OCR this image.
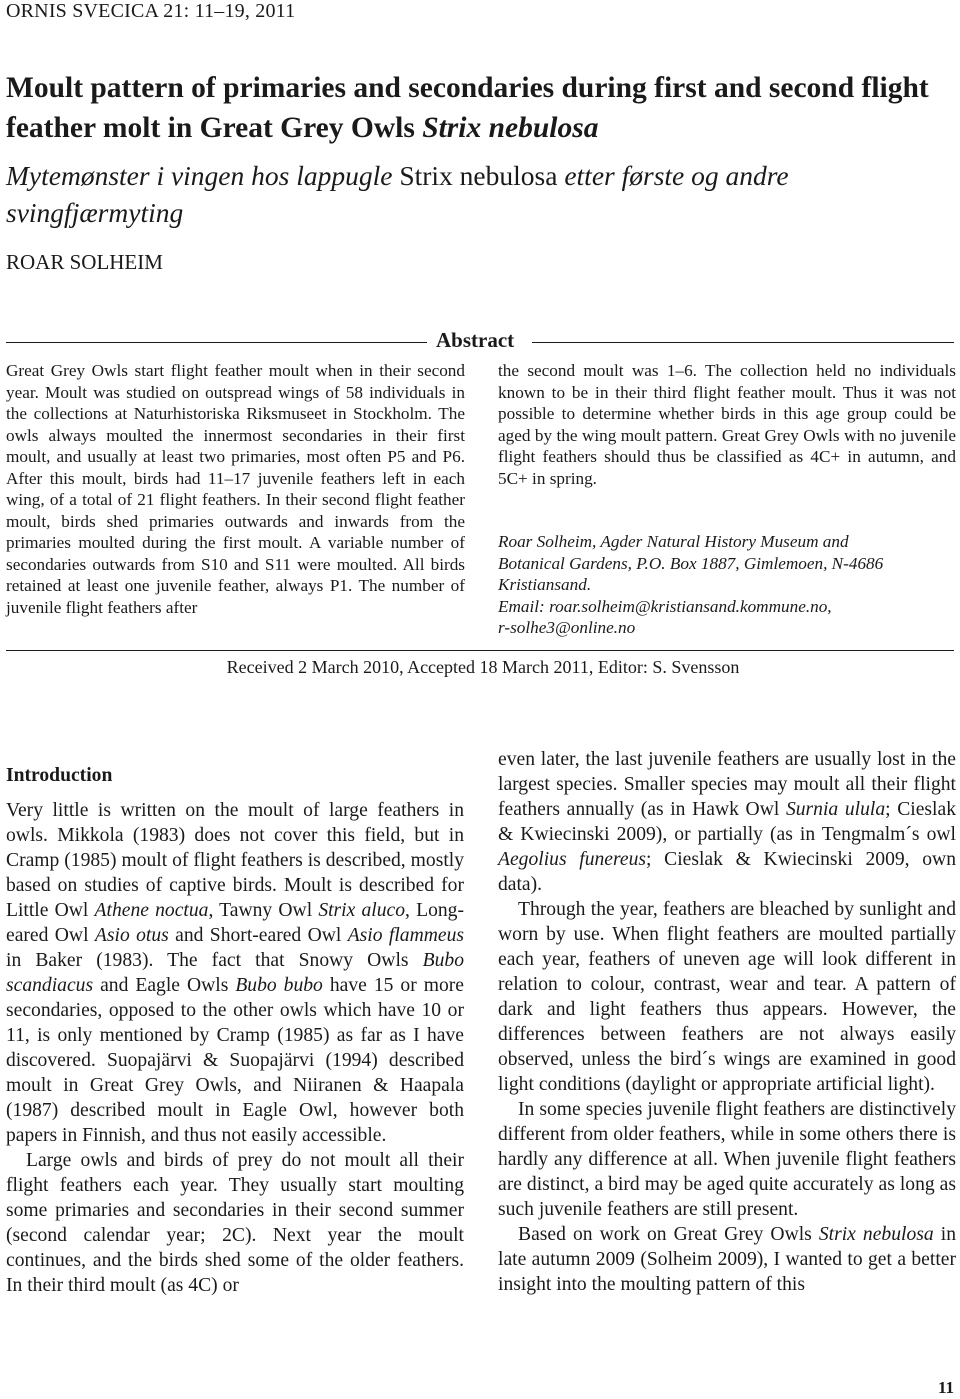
ORNIS SVECICA 21: 11–19, 2011
Moult pattern of primaries and secondaries during first and second flight feather molt in Great Grey Owls Strix nebulosa
Mytemønster i vingen hos lappugle Strix nebulosa etter første og andre svingfjærmyting
ROAR SOLHEIM
Abstract

Great Grey Owls start flight feather moult when in their second year. Moult was studied on outspread wings of 58 individuals in the collections at Naturhistoriska Riksmuseet in Stockholm. The owls always moulted the innermost secondaries in their first moult, and usually at least two primaries, most often P5 and P6. After this moult, birds had 11–17 juvenile feathers left in each wing, of a total of 21 flight feathers. In their second flight feather moult, birds shed primaries outwards and inwards from the primaries moulted during the first moult. A variable number of secondaries outwards from S10 and S11 were moulted. All birds retained at least one juvenile feather, always P1. The number of juvenile flight feathers after

the second moult was 1–6. The collection held no individuals known to be in their third flight feather moult. Thus it was not possible to determine whether birds in this age group could be aged by the wing moult pattern. Great Grey Owls with no juvenile flight feathers should thus be classified as 4C+ in autumn, and 5C+ in spring.

Roar Solheim, Agder Natural History Museum and
Botanical Gardens, P.O. Box 1887, Gimlemoen, N-4686
Kristiansand.
Email: roar.solheim@kristiansand.kommune.no,
r-solhe3@online.no

Received 2 March 2010, Accepted 18 March 2011, Editor: S. Svensson
Introduction

Very little is written on the moult of large feathers in owls. Mikkola (1983) does not cover this field, but in Cramp (1985) moult of flight feathers is described, mostly based on studies of captive birds. Moult is described for Little Owl Athene noctua, Tawny Owl Strix aluco, Long-eared Owl Asio otus and Short-eared Owl Asio flammeus in Baker (1983). The fact that Snowy Owls Bubo scandiacus and Eagle Owls Bubo bubo have 15 or more secondaries, opposed to the other owls which have 10 or 11, is only mentioned by Cramp (1985) as far as I have discovered. Suopajärvi & Suopajärvi (1994) described moult in Great Grey Owls, and Niiranen & Haapala (1987) described moult in Eagle Owl, however both papers in Finnish, and thus not easily accessible.

Large owls and birds of prey do not moult all their flight feathers each year. They usually start moulting some primaries and secondaries in their second summer (second calendar year; 2C). Next year the moult continues, and the birds shed some of the older feathers. In their third moult (as 4C) or

even later, the last juvenile feathers are usually lost in the largest species. Smaller species may moult all their flight feathers annually (as in Hawk Owl Surnia ulula; Cieslak & Kwiecinski 2009), or partially (as in Tengmalm´s owl Aegolius funereus; Cieslak & Kwiecinski 2009, own data).

Through the year, feathers are bleached by sunlight and worn by use. When flight feathers are moulted partially each year, feathers of uneven age will look different in relation to colour, contrast, wear and tear. A pattern of dark and light feathers thus appears. However, the differences between feathers are not always easily observed, unless the bird´s wings are examined in good light conditions (daylight or appropriate artificial light).

In some species juvenile flight feathers are distinctively different from older feathers, while in some others there is hardly any difference at all. When juvenile flight feathers are distinct, a bird may be aged quite accurately as long as such juvenile feathers are still present.

Based on work on Great Grey Owls Strix nebulosa in late autumn 2009 (Solheim 2009), I wanted to get a better insight into the moulting pattern of this

11
